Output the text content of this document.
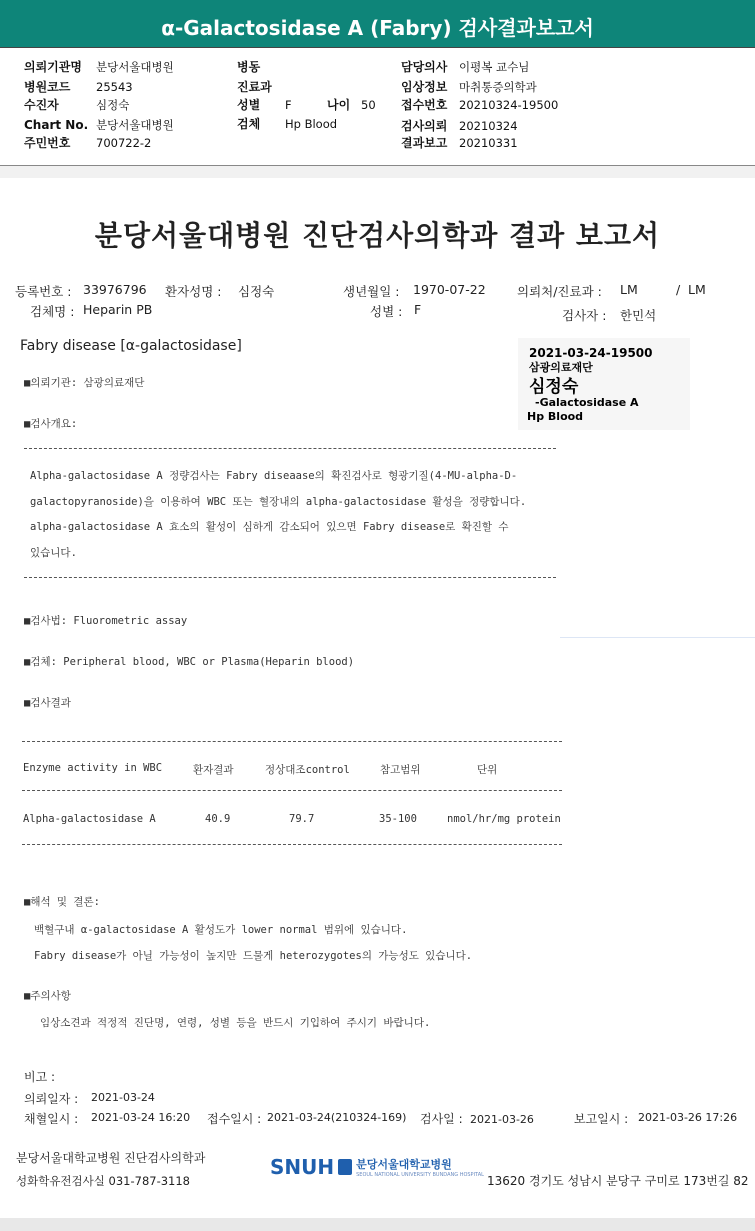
α-Galactosidase A (Fabry) 검사결과보고서
의뢰기관명 분당서울대병원
병원코드 25543
수진자	심정숙
Chart No. 분당서울대병원
주민번호 700722-2
병동
진료과
성별 F
검체 Hp Blood
나이 50
담당의사 이평복 교수님
임상정보 마취통증의학과
접수번호 20210324-19500
검사의뢰 20210324
결과보고 20210331
분당서울대병원 진단검사의학과 결과 보고서
등록번호 : 33976796 환자성명 : 심정숙	생년월일 : 1970-07-22	의뢰처/진료과 : LM	/ LM
검체명 : Heparin PB	성별 : F	검사자 : 한민석
Fabry disease [α-galactosidase]	2021-03-24-19500
삼광의료재단
심정숙
-Galactosidase A
Hp Blood
■의뢰기관: 삼광의료재단
■검사개요:
Alpha-galactosidase A 정량검사는 Fabry diseaase의 확진검사로 형광기질(4-MU-alpha-D-
galactopyranoside)을 이용하여 WBC 또는 혈장내의 alpha-galactosidase 활성을 정량합니다.
alpha-galactosidase A 효소의 활성이 심하게 감소되어 있으면 Fabry disease로 확진할 수
있습니다.
■검사법: Fluorometric assay
■검체: Peripheral blood, WBC or Plasma(Heparin blood)
■검사결과
Enzyme activity in WBC	환자결과	정상대조control	참고범위	단위
Alpha-galactosidase A	40.9	79.7	35-100	nmol/hr/mg protein
■해석 및 결론:
백혈구내 α-galactosidase A 활성도가 lower normal 범위에 있습니다.
Fabry disease가 아닐 가능성이 높지만 드물게 heterozygotes의 가능성도 있습니다.
■주의사항
임상소견과 적정적 진단명, 연령, 성별 등을 반드시 기입하여 주시기 바랍니다.
비고 :
의뢰일자 : 2021-03-24
채혈일시 : 2021-03-24 16:20 접수일시 : 2021-03-24(210324-169) 검사일 : 2021-03-26	보고일시 : 2021-03-26 17:26
분당서울대학교병원 진단검사의학과
성화학유전검사실 031-787-3118
SNUH 분당서울대학교병원
SEOUL NATIONAL UNIVERSITY BUNDANG HOSPITAL 13620 경기도 성남시 분당구 구미로 173번길 82
